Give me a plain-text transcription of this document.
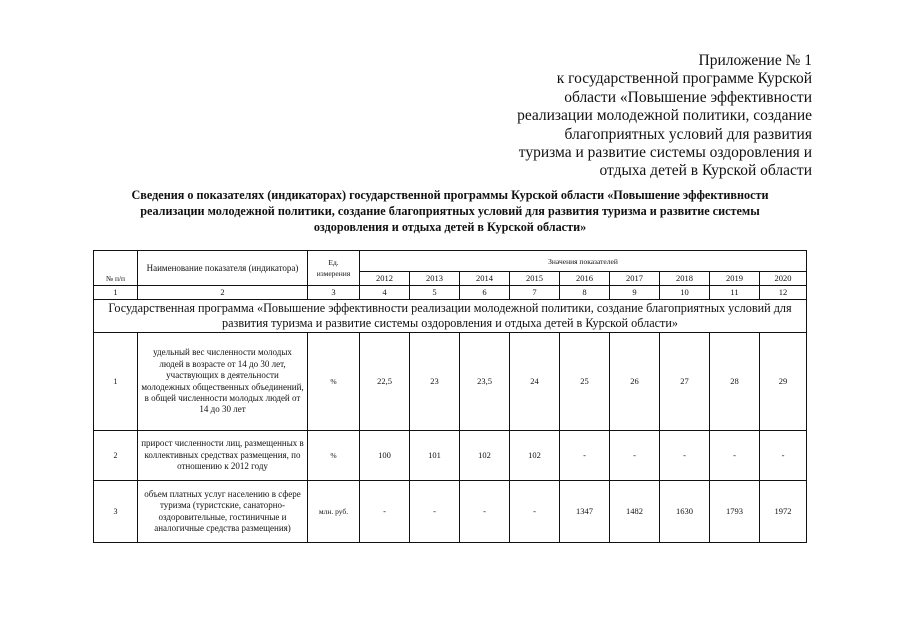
Приложение № 1
к государственной программе Курской
области «Повышение эффективности
реализации молодежной политики, создание
благоприятных условий для развития
туризма и развитие системы оздоровления и
отдыха детей в Курской области
Сведения о показателях (индикаторах) государственной программы Курской области «Повышение эффективности
реализации молодежной политики, создание благоприятных условий для развития туризма и развитие системы
оздоровления и отдыха детей в Курской области»
№ п/п	Наименование показателя (индикатора)	Ед. измерения	Значения показателей								
			2012	2013	2014	2015	2016	2017	2018	2019	2020
1	2	3	4	5	6	7	8	9	10	11	12
Государственная программа «Повышение эффективности реализации молодежной политики, создание благоприятных условий для развития туризма и развитие системы оздоровления и отдыха детей в Курской области»											
1	удельный вес численности молодых людей в возрасте от 14 до 30 лет, участвующих в деятельности молодежных общественных объединений, в общей численности молодых людей от 14 до 30 лет	%	22,5	23	23,5	24	25	26	27	28	29
2	прирост численности лиц, размещенных в коллективных средствах размещения, по отношению к 2012 году	%	100	101	102	102	-	-	-	-	-
3	объем платных услуг населению в сфере туризма (туристские, санаторно-оздоровительные, гостиничные и аналогичные средства размещения)	млн. руб.	-	-	-	-	1347	1482	1630	1793	1972
